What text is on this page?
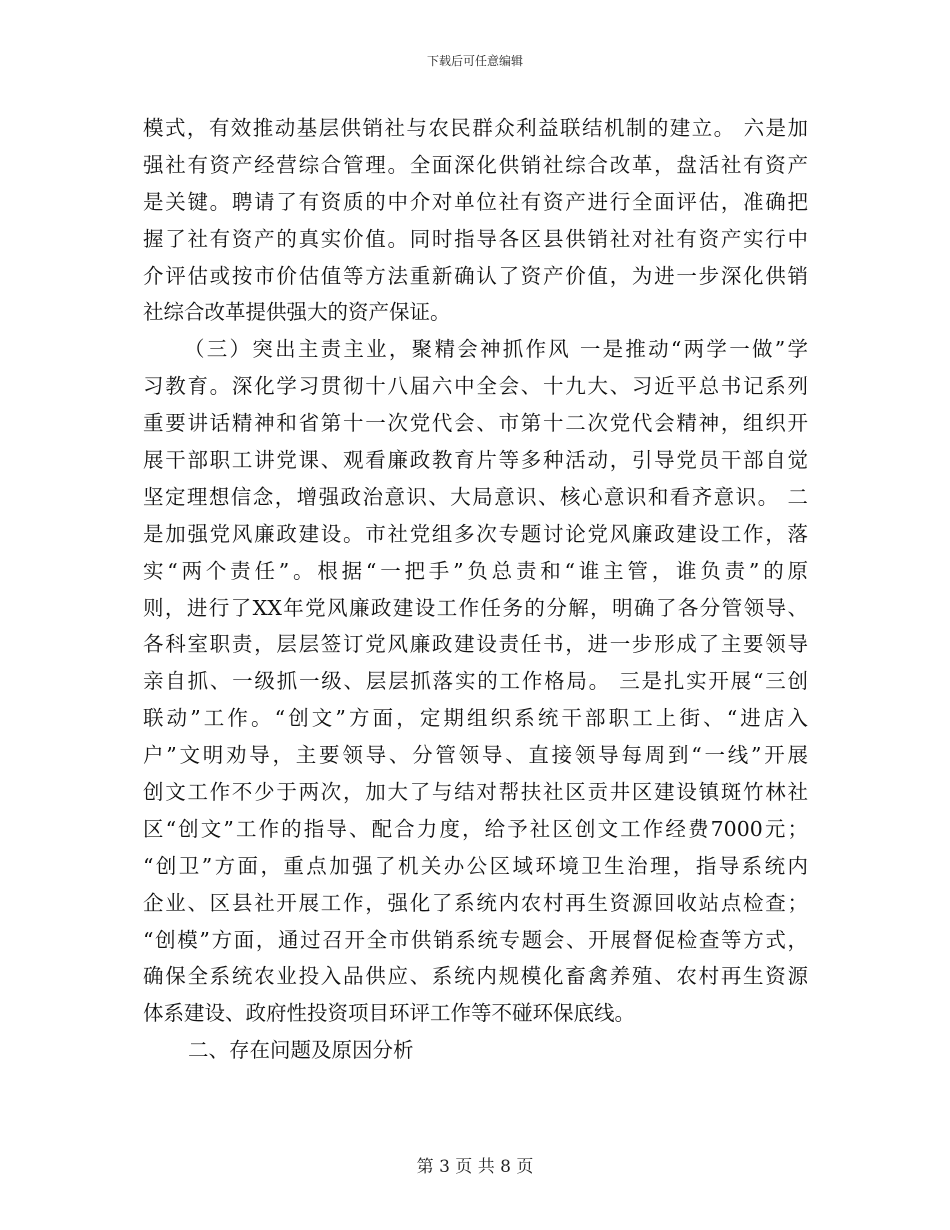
下载后可任意编辑
模式，有效推动基层供销社与农民群众利益联结机制的建立。 六是加
强社有资产经营综合管理。全面深化供销社综合改革，盘活社有资产
是关键。聘请了有资质的中介对单位社有资产进行全面评估，准确把
握了社有资产的真实价值。同时指导各区县供销社对社有资产实行中
介评估或按市价估值等方法重新确认了资产价值，为进一步深化供销
社综合改革提供强大的资产保证。
（三）突出主责主业，聚精会神抓作风 一是推动“两学一做”学
习教育。深化学习贯彻十八届六中全会、十九大、习近平总书记系列
重要讲话精神和省第十一次党代会、市第十二次党代会精神，组织开
展干部职工讲党课、观看廉政教育片等多种活动，引导党员干部自觉
坚定理想信念，增强政治意识、大局意识、核心意识和看齐意识。 二
是加强党风廉政建设。市社党组多次专题讨论党风廉政建设工作，落
实“两个责任”。根据“一把手”负总责和“谁主管，谁负责”的原
则，进行了XX年党风廉政建设工作任务的分解，明确了各分管领导、
各科室职责，层层签订党风廉政建设责任书，进一步形成了主要领导
亲自抓、一级抓一级、层层抓落实的工作格局。 三是扎实开展“三创
联动”工作。“创文”方面，定期组织系统干部职工上街、“进店入
户”文明劝导，主要领导、分管领导、直接领导每周到“一线”开展
创文工作不少于两次，加大了与结对帮扶社区贡井区建设镇斑竹林社
区“创文”工作的指导、配合力度，给予社区创文工作经费7000元；
“创卫”方面，重点加强了机关办公区域环境卫生治理，指导系统内
企业、区县社开展工作，强化了系统内农村再生资源回收站点检查；
“创模”方面，通过召开全市供销系统专题会、开展督促检查等方式，
确保全系统农业投入品供应、系统内规模化畜禽养殖、农村再生资源
体系建设、政府性投资项目环评工作等不碰环保底线。
二、存在问题及原因分析
第 3 页 共 8 页
